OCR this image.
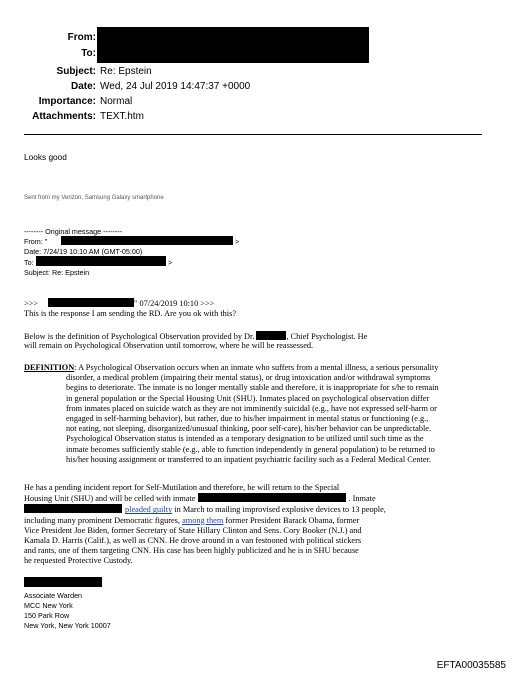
From:
To:
Subject: Re: Epstein
Date: Wed, 24 Jul 2019 14:47:37 +0000
Importance: Normal
Attachments: TEXT.htm
Looks good
Sent from my Verizon, Samsung Galaxy smartphone
-------- Original message --------
From: "	>
Date: 7/24/19 10:10 AM (GMT-05:00)
To:	>
Subject: Re: Epstein
>>>	" 07/24/2019 10:10 >>>
This is the response I am sending the RD. Are you ok with this?
Below is the definition of Psychological Observation provided by Dr.	, Chief Psychologist. He
will remain on Psychological Observation until tomorrow, where he will be reassessed.
DEFINITION: A Psychological Observation occurs when an inmate who suffers from a mental illness, a serious personality
disorder, a medical problem (impairing their mental status), or drug intoxication and/or withdrawal symptoms
begins to deteriorate. The inmate is no longer mentally stable and therefore, it is inappropriate for s/he to remain
in general population or the Special Housing Unit (SHU). Inmates placed on psychological observation differ
from inmates placed on suicide watch as they are not imminently suicidal (e.g., have not expressed self-harm or
engaged in self-harming behavior), but rather, due to his/her impairment in mental status or functioning (e.g.,
not eating, not sleeping, disorganized/unusual thinking, poor self-care), his/her behavior can be unpredictable.
Psychological Observation status is intended as a temporary designation to be utilized until such time as the
inmate becomes sufficiently stable (e.g., able to function independently in general population) to be returned to
his/her housing assignment or transferred to an inpatient psychiatric facility such as a Federal Medical Center.
He has a pending incident report for Self-Mutilation and therefore, he will return to the Special
Housing Unit (SHU) and will be celled with inmate	. Inmate
pleaded guilty in March to mailing improvised explosive devices to 13 people,
including many prominent Democratic figures, among them former President Barack Obama, former
Vice President Joe Biden, former Secretary of State Hillary Clinton and Sens. Cory Booker (N.J.) and
Kamala D. Harris (Calif.), as well as CNN. He drove around in a van festooned with political stickers
and rants, one of them targeting CNN. His case has been highly publicized and he is in SHU because
he requested Protective Custody.
Associate Warden
MCC New York
150 Park Row
New York, New York 10007
EFTA00035585
